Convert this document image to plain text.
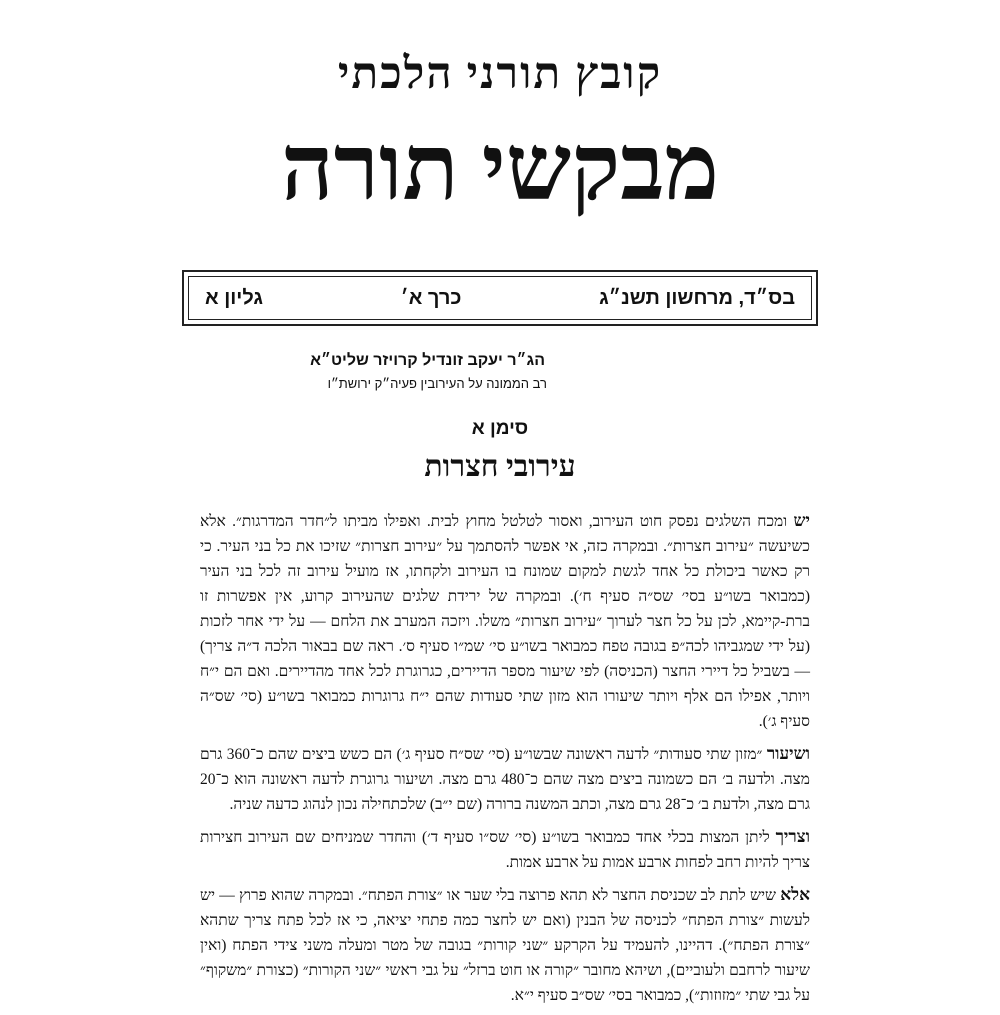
קובץ תורני הלכתי
מבקשי תורה
בס״ד, מרחשון תשנ״ג
כרך א׳
גליון א
הג״ר יעקב זונדיל קרויזר שליט״א
רב הממונה על העירובין פעיה״ק ירושת״ו
סימן א
עירובי חצרות

יש ומכח השלגים נפסק חוט העירוב, ואסור לטלטל מחוץ לבית. ואפילו מביתו ל״חדר המדרגות״. אלא כשיעשה ״עירוב חצרות״. ובמקרה כזה, אי אפשר להסתמך על ״עירוב חצרות״ שזיכו את כל בני העיר. כי רק כאשר ביכולת כל אחד לגשת למקום שמונח בו העירוב ולקחתו, אז מועיל עירוב זה לכל בני העיר (כמבואר בשו״ע בסי׳ שס״ה סעיף ח׳). ובמקרה של ירידת שלגים שהעירוב קרוע, אין אפשרות זו ברת-קיימא, לכן על כל חצר לערוך ״עירוב חצרות״ משלו. ויזכה המערב את הלחם — על ידי אחר לזכות (על ידי שמגביהו לכה״פ בגובה טפח כמבואר בשו״ע סי׳ שמ״ו סעיף ס׳. ראה שם בבאור הלכה ד״ה צריך) — בשביל כל דיירי החצר (הכניסה) לפי שיעור מספר הדיירים, כגרוגרת לכל אחד מהדיירים. ואם הם י״ח ויותר, אפילו הם אלף ויותר שיעורו הוא מזון שתי סעודות שהם י״ח גרוגרות כמבואר בשו״ע (סי׳ שס״ה סעיף ג׳).

ושיעור ״מזון שתי סעודות״ לדעה ראשונה שבשו״ע (סי׳ שס״ח סעיף ג׳) הם כשש ביצים שהם כ־360 גרם מצה. ולדעה ב׳ הם כשמונה ביצים מצה שהם כ־480 גרם מצה. ושיעור גרוגרת לדעה ראשונה הוא כ־20 גרם מצה, ולדעת ב׳ כ־28 גרם מצה, וכתב המשנה ברורה (שם י״ב) שלכתחילה נכון לנהוג כדעה שניה.

וצריך ליתן המצות בכלי אחד כמבואר בשו״ע (סי׳ שס״ו סעיף ד׳) והחדר שמניחים שם העירוב חצירות צריך להיות רחב לפחות ארבע אמות על ארבע אמות.

אלא שיש לתת לב שכניסת החצר לא תהא פרוצה בלי שער או ״צורת הפתח״. ובמקרה שהוא פרוץ — יש לעשות ״צורת הפתח״ לכניסה של הבנין (ואם יש לחצר כמה פתחי יציאה, כי אז לכל פתח צריך שתהא ״צורת הפתח״). דהיינו, להעמיד על הקרקע ״שני קורות״ בגובה של מטר ומעלה משני צידי הפתח (ואין שיעור לרחבם ולעוביים), ושיהא מחובר ״קורה או חוט ברזל״ על גבי ראשי ״שני הקורות״ (כצורת ״משקוף״ על גבי שתי ״מזוזות״), כמבואר בסי׳ שס״ב סעיף י״א.
